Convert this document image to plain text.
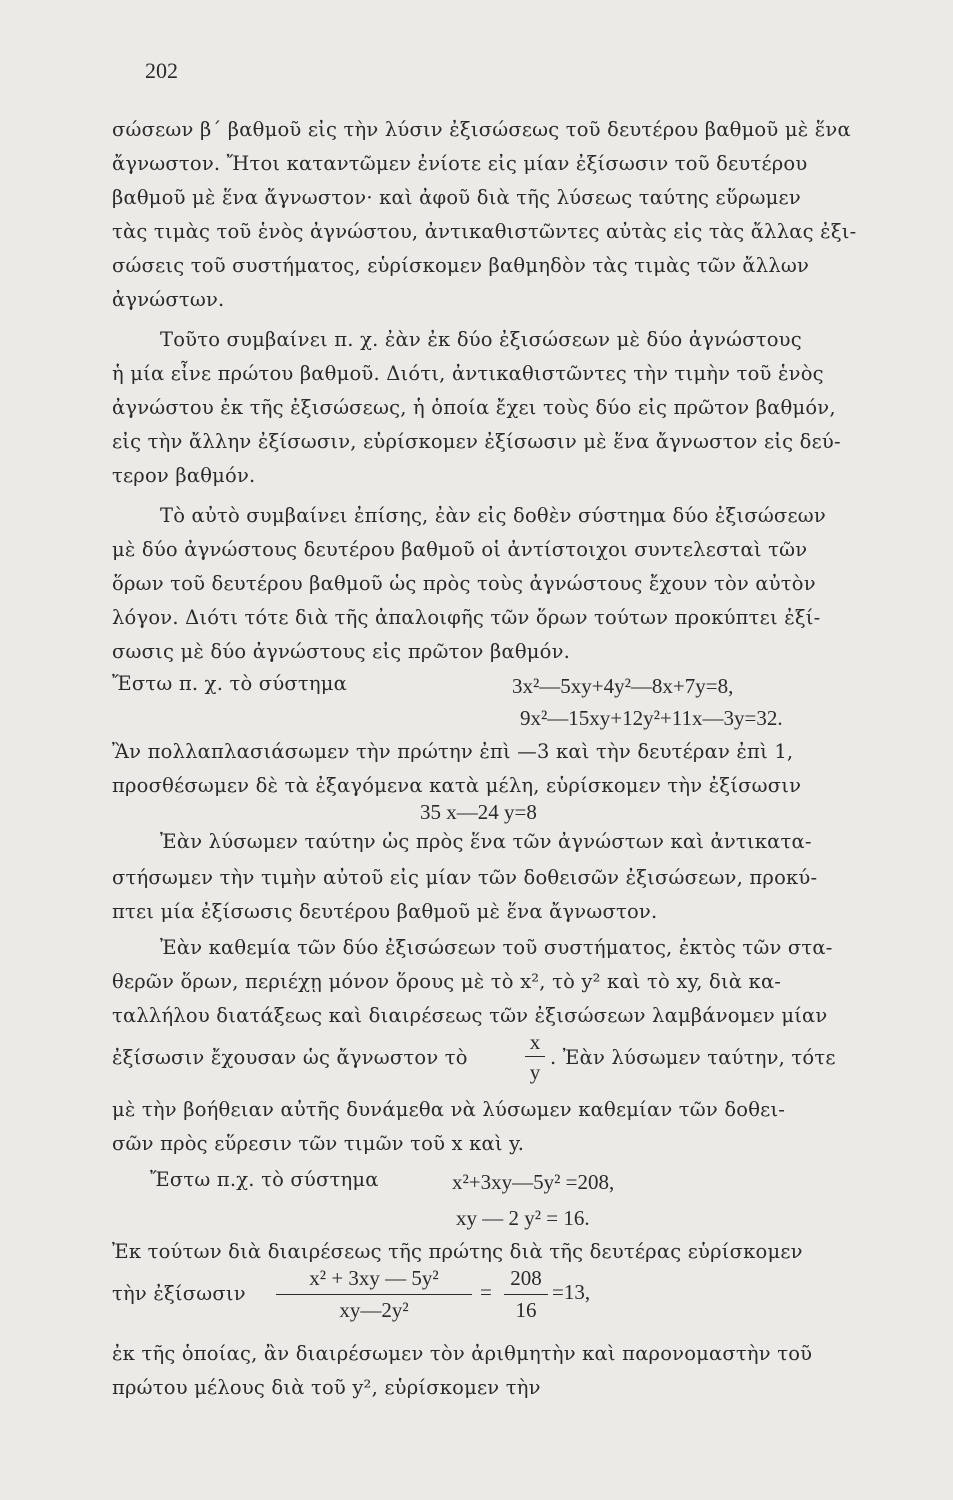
202
σώσεων β΄ βαθμοῦ εἰς τὴν λύσιν ἐξισώσεως τοῦ δευτέρου βαθμοῦ μὲ ἕνα
ἄγνωστον. Ἤτοι καταντῶμεν ἐνίοτε εἰς μίαν ἐξίσωσιν τοῦ δευτέρου
βαθμοῦ μὲ ἕνα ἄγνωστον· καὶ ἀφοῦ διὰ τῆς λύσεως ταύτης εὕρωμεν
τὰς τιμὰς τοῦ ἑνὸς ἀγνώστου, ἀντικαθιστῶντες αὐτὰς εἰς τὰς ἄλλας ἐξι-
σώσεις τοῦ συστήματος, εὑρίσκομεν βαθμηδὸν τὰς τιμὰς τῶν ἄλλων
ἀγνώστων.
Τοῦτο συμβαίνει π. χ. ἐὰν ἐκ δύο ἐξισώσεων μὲ δύο ἀγνώστους
ἡ μία εἶνε πρώτου βαθμοῦ. Διότι, ἀντικαθιστῶντες τὴν τιμὴν τοῦ ἑνὸς
ἀγνώστου ἐκ τῆς ἐξισώσεως, ἡ ὁποία ἔχει τοὺς δύο εἰς πρῶτον βαθμόν,
εἰς τὴν ἄλλην ἐξίσωσιν, εὑρίσκομεν ἐξίσωσιν μὲ ἕνα ἄγνωστον εἰς δεύ-
τερον βαθμόν.
Τὸ αὐτὸ συμβαίνει ἐπίσης, ἐὰν εἰς δοθὲν σύστημα δύο ἐξισώσεων
μὲ δύο ἀγνώστους δευτέρου βαθμοῦ οἱ ἀντίστοιχοι συντελεσταὶ τῶν
ὅρων τοῦ δευτέρου βαθμοῦ ὡς πρὸς τοὺς ἀγνώστους ἔχουν τὸν αὐτὸν
λόγον. Διότι τότε διὰ τῆς ἀπαλοιφῆς τῶν ὅρων τούτων προκύπτει ἐξί-
σωσις μὲ δύο ἀγνώστους εἰς πρῶτον βαθμόν.
Ἔστω π. χ. τὸ σύστημα	3x²—5xy+4y²—8x+7y=8,
9x²—15xy+12y²+11x—3y=32.
Ἂν πολλαπλασιάσωμεν τὴν πρώτην ἐπὶ —3 καὶ τὴν δευτέραν ἐπὶ 1,
προσθέσωμεν δὲ τὰ ἐξαγόμενα κατὰ μέλη, εὑρίσκομεν τὴν ἐξίσωσιν
35 x—24 y=8
Ἐὰν λύσωμεν ταύτην ὡς πρὸς ἕνα τῶν ἀγνώστων καὶ ἀντικατα-
στήσωμεν τὴν τιμὴν αὐτοῦ εἰς μίαν τῶν δοθεισῶν ἐξισώσεων, προκύ-
πτει μία ἐξίσωσις δευτέρου βαθμοῦ μὲ ἕνα ἄγνωστον.
Ἐὰν καθεμία τῶν δύο ἐξισώσεων τοῦ συστήματος, ἐκτὸς τῶν στα-
θερῶν ὅρων, περιέχῃ μόνον ὅρους μὲ τὸ x², τὸ y² καὶ τὸ xy, διὰ κα-
ταλλήλου διατάξεως καὶ διαιρέσεως τῶν ἐξισώσεων λαμβάνομεν μίαν
ἐξίσωσιν ἔχουσαν ὡς ἄγνωστον τὸ
x
y
. Ἐὰν λύσωμεν ταύτην, τότε
μὲ τὴν βοήθειαν αὐτῆς δυνάμεθα νὰ λύσωμεν καθεμίαν τῶν δοθει-
σῶν πρὸς εὕρεσιν τῶν τιμῶν τοῦ x καὶ y.
Ἔστω π.χ. τὸ σύστημα	x²+3xy—5y² =208,
xy — 2 y² = 16.
Ἐκ τούτων διὰ διαιρέσεως τῆς πρώτης διὰ τῆς δευτέρας εὑρίσκομεν
τὴν ἐξίσωσιν
x² + 3xy — 5y²
xy—2y²
=
208
16
=13,
ἐκ τῆς ὁποίας, ἂν διαιρέσωμεν τὸν ἀριθμητὴν καὶ παρονομαστὴν τοῦ
πρώτου μέλους διὰ τοῦ y², εὑρίσκομεν τὴν
